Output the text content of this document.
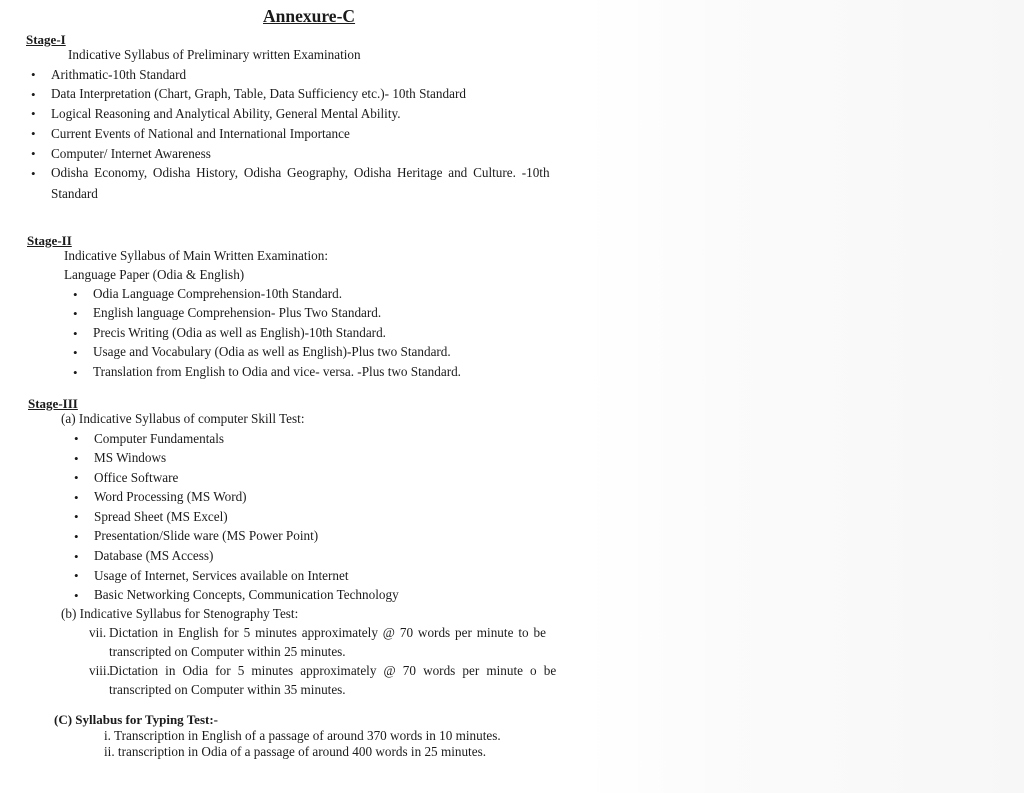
Annexure-C
Stage-I
Indicative Syllabus of Preliminary written Examination
• Arithmatic-10th Standard
• Data Interpretation (Chart, Graph, Table, Data Sufficiency etc.)- 10th Standard
• Logical Reasoning and Analytical Ability, General Mental Ability.
• Current Events of National and International Importance
• Computer/ Internet Awareness
• Odisha Economy, Odisha History, Odisha Geography, Odisha Heritage and Culture. -10th
Standard
Stage-II
Indicative Syllabus of Main Written Examination:
Language Paper (Odia & English)
• Odia Language Comprehension-10th Standard.
• English language Comprehension- Plus Two Standard.
• Precis Writing (Odia as well as English)-10th Standard.
• Usage and Vocabulary (Odia as well as English)-Plus two Standard.
• Translation from English to Odia and vice- versa. -Plus two Standard.
Stage-III
(a) Indicative Syllabus of computer Skill Test:
• Computer Fundamentals
• MS Windows
• Office Software
• Word Processing (MS Word)
• Spread Sheet (MS Excel)
• Presentation/Slide ware (MS Power Point)
• Database (MS Access)
• Usage of Internet, Services available on Internet
• Basic Networking Concepts, Communication Technology
(b) Indicative Syllabus for Stenography Test:
vii. Dictation in English for 5 minutes approximately @ 70 words per minute to be
transcripted on Computer within 25 minutes.
viii. Dictation in Odia for 5 minutes approximately @ 70 words per minute o be
transcripted on Computer within 35 minutes.
(C) Syllabus for Typing Test:-
i. Transcription in English of a passage of around 370 words in 10 minutes.
ii. transcription in Odia of a passage of around 400 words in 25 minutes.
